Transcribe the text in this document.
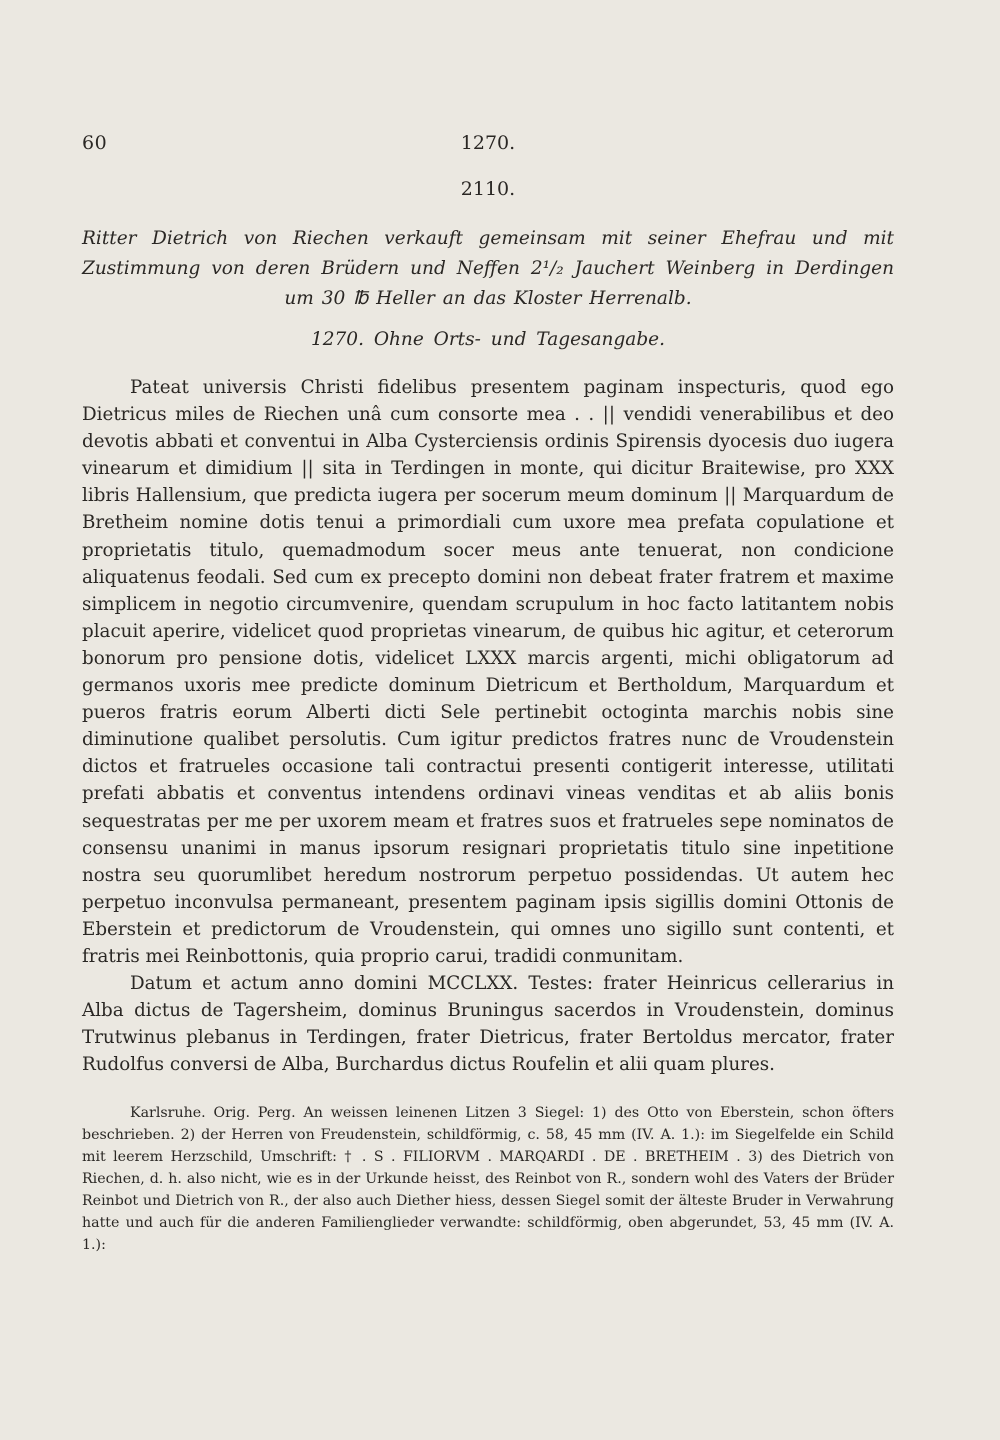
60	1270.
2110.
Ritter Dietrich von Riechen verkauft gemeinsam mit seiner Ehefrau und mit Zustimmung von deren Brüdern und Neffen 2¹/₂ Jauchert Weinberg in Derdingen um 30 ℔ Heller an das Kloster Herrenalb.
1270. Ohne Orts- und Tagesangabe.

Pateat universis Christi fidelibus presentem paginam inspecturis, quod ego Dietricus miles de Riechen unâ cum consorte mea . . || vendidi venerabilibus et deo devotis abbati et conventui in Alba Cysterciensis ordinis Spirensis dyocesis duo iugera vinearum et dimidium || sita in Terdingen in monte, qui dicitur Braitewise, pro XXX libris Hallensium, que predicta iugera per socerum meum dominum || Marquardum de Bretheim nomine dotis tenui a primordiali cum uxore mea prefata copulatione et proprietatis titulo, quemadmodum socer meus ante tenuerat, non condicione aliquatenus feodali. Sed cum ex precepto domini non debeat frater fratrem et maxime simplicem in negotio circumvenire, quendam scrupulum in hoc facto latitantem nobis placuit aperire, videlicet quod proprietas vinearum, de quibus hic agitur, et ceterorum bonorum pro pensione dotis, videlicet LXXX marcis argenti, michi obligatorum ad germanos uxoris mee predicte dominum Dietricum et Bertholdum, Marquardum et pueros fratris eorum Alberti dicti Sele pertinebit octoginta marchis nobis sine diminutione qualibet persolutis. Cum igitur predictos fratres nunc de Vroudenstein dictos et fratrueles occasione tali contractui presenti contigerit interesse, utilitati prefati abbatis et conventus intendens ordinavi vineas venditas et ab aliis bonis sequestratas per me per uxorem meam et fratres suos et fratrueles sepe nominatos de consensu unanimi in manus ipsorum resignari proprietatis titulo sine inpetitione nostra seu quorumlibet heredum nostrorum perpetuo possidendas. Ut autem hec perpetuo inconvulsa permaneant, presentem paginam ipsis sigillis domini Ottonis de Eberstein et predictorum de Vroudenstein, qui omnes uno sigillo sunt contenti, et fratris mei Reinbottonis, quia proprio carui, tradidi conmunitam.

Datum et actum anno domini MCCLXX. Testes: frater Heinricus cellerarius in Alba dictus de Tagersheim, dominus Bruningus sacerdos in Vroudenstein, dominus Trutwinus plebanus in Terdingen, frater Dietricus, frater Bertoldus mercator, frater Rudolfus conversi de Alba, Burchardus dictus Roufelin et alii quam plures.

Karlsruhe. Orig. Perg. An weissen leinenen Litzen 3 Siegel: 1) des Otto von Eberstein, schon öfters beschrieben. 2) der Herren von Freudenstein, schildförmig, c. 58, 45 mm (IV. A. 1.): im Siegelfelde ein Schild mit leerem Herzschild, Umschrift: † . S . FILIORVM . MARQARDI . DE . BRETHEIM . 3) des Dietrich von Riechen, d. h. also nicht, wie es in der Urkunde heisst, des Reinbot von R., sondern wohl des Vaters der Brüder Reinbot und Dietrich von R., der also auch Diether hiess, dessen Siegel somit der älteste Bruder in Verwahrung hatte und auch für die anderen Familienglieder verwandte: schildförmig, oben abgerundet, 53, 45 mm (IV. A. 1.):
